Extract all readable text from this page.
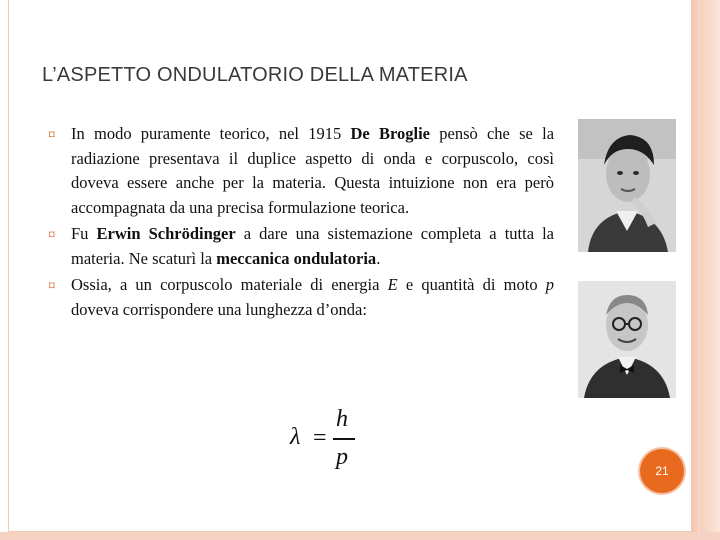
L’ASPETTO ONDULATORIO DELLA MATERIA
¤ In modo puramente teorico, nel 1915 De Broglie pensò che se la radiazione presentava il duplice aspetto di onda e corpuscolo, così doveva essere anche per la materia. Questa intuizione non era però accompagnata da una precisa formulazione teorica.
¤ Fu Erwin Schrödinger a dare una sistemazione completa a tutta la materia. Ne scaturì la meccanica ondulatoria.
¤ Ossia, a un corpuscolo materiale di energia E e quantità di moto p doveva corrispondere una lunghezza d’onda:
λ =
h
p
21
